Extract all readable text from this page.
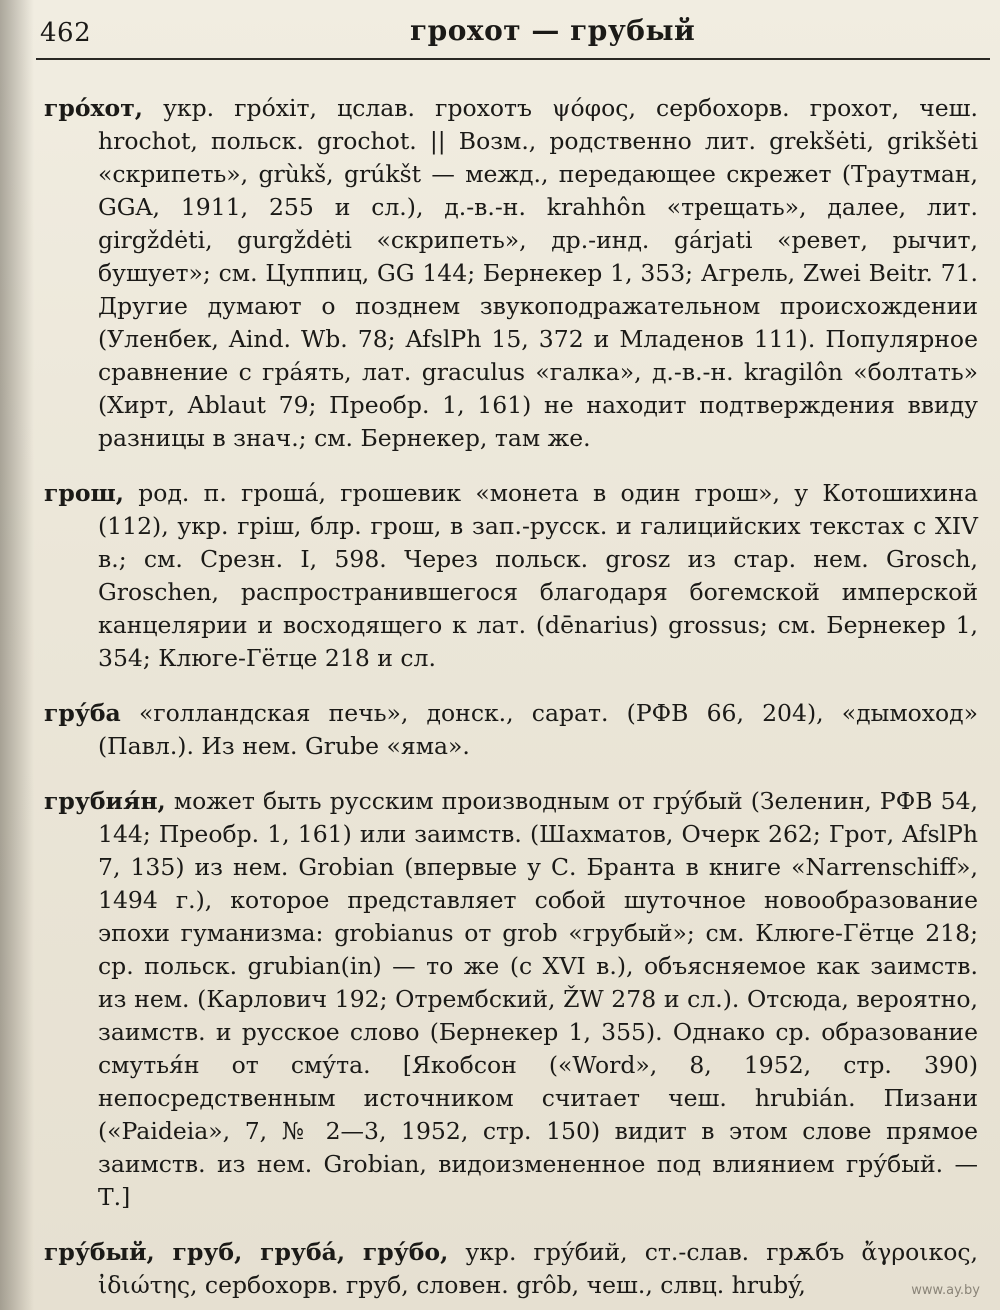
462	грохот — грубый

грóхот, укр. грóхiт, цслав. грохотъ ψόφος, сербохорв. грохот, чеш. hrochot, польск. grochot. || Возм., родственно лит. grekšėti, grikšėti «скрипеть», grùkš, grúkšt — межд., передающее скрежет (Траутман, GGA, 1911, 255 и сл.), д.-в.-н. krahhôn «трещать», далее, лит. girgždėti, gurgždėti «скрипеть», др.-инд. gárjati «ревет, рычит, бушует»; см. Цуппиц, GG 144; Бернекер 1, 353; Агрель, Zwei Beitr. 71. Другие думают о позднем звукоподражательном происхождении (Уленбек, Aind. Wb. 78; AfslPh 15, 372 и Младенов 111). Популярное сравнение с гра́ять, лат. graculus «галка», д.-в.-н. kragilôn «болтать» (Хирт, Ablaut 79; Преобр. 1, 161) не находит подтверждения ввиду разницы в знач.; см. Бернекер, там же.

грош, род. п. гроша́, грошевик «монета в один грош», у Котошихина (112), укр. гріш, блр. грош, в зап.-русск. и галицийских текстах с XIV в.; см. Срезн. I, 598. Через польск. grosz из стар. нем. Grosch, Groschen, распространившегося благодаря богемской имперской канцелярии и восходящего к лат. (dēnarius) grossus; см. Бернекер 1, 354; Клюге-Гётце 218 и сл.

гру́ба «голландская печь», донск., сарат. (РФВ 66, 204), «дымоход» (Павл.). Из нем. Grube «яма».

грубия́н, может быть русским производным от гру́бый (Зеленин, РФВ 54, 144; Преобр. 1, 161) или заимств. (Шахматов, Очерк 262; Грот, AfslPh 7, 135) из нем. Grobian (впервые у С. Бранта в книге «Narrenschiff», 1494 г.), которое представляет собой шуточное новообразование эпохи гуманизма: grobianus от grob «грубый»; см. Клюге-Гётце 218; ср. польск. grubian(in) — то же (с XVI в.), объясняемое как заимств. из нем. (Карлович 192; Отрембский, ŽW 278 и сл.). Отсюда, вероятно, заимств. и русское слово (Бернекер 1, 355). Однако ср. образование смутья́н от сму́та. [Якобсон («Word», 8, 1952, стр. 390) непосредственным источником считает чеш. hrubián. Пизани («Paideia», 7, № 2—3, 1952, стр. 150) видит в этом слове прямое заимств. из нем. Grobian, видоизмененное под влиянием гру́бый. — Т.]

гру́бый, груб, груба́, гру́бо, укр. гру́бий, ст.-слав. грѫбъ ἄγροικος, ἰδιώτης, сербохорв. груб, словен. grôb, чеш., слвц. hrubý,	www.ay.by
